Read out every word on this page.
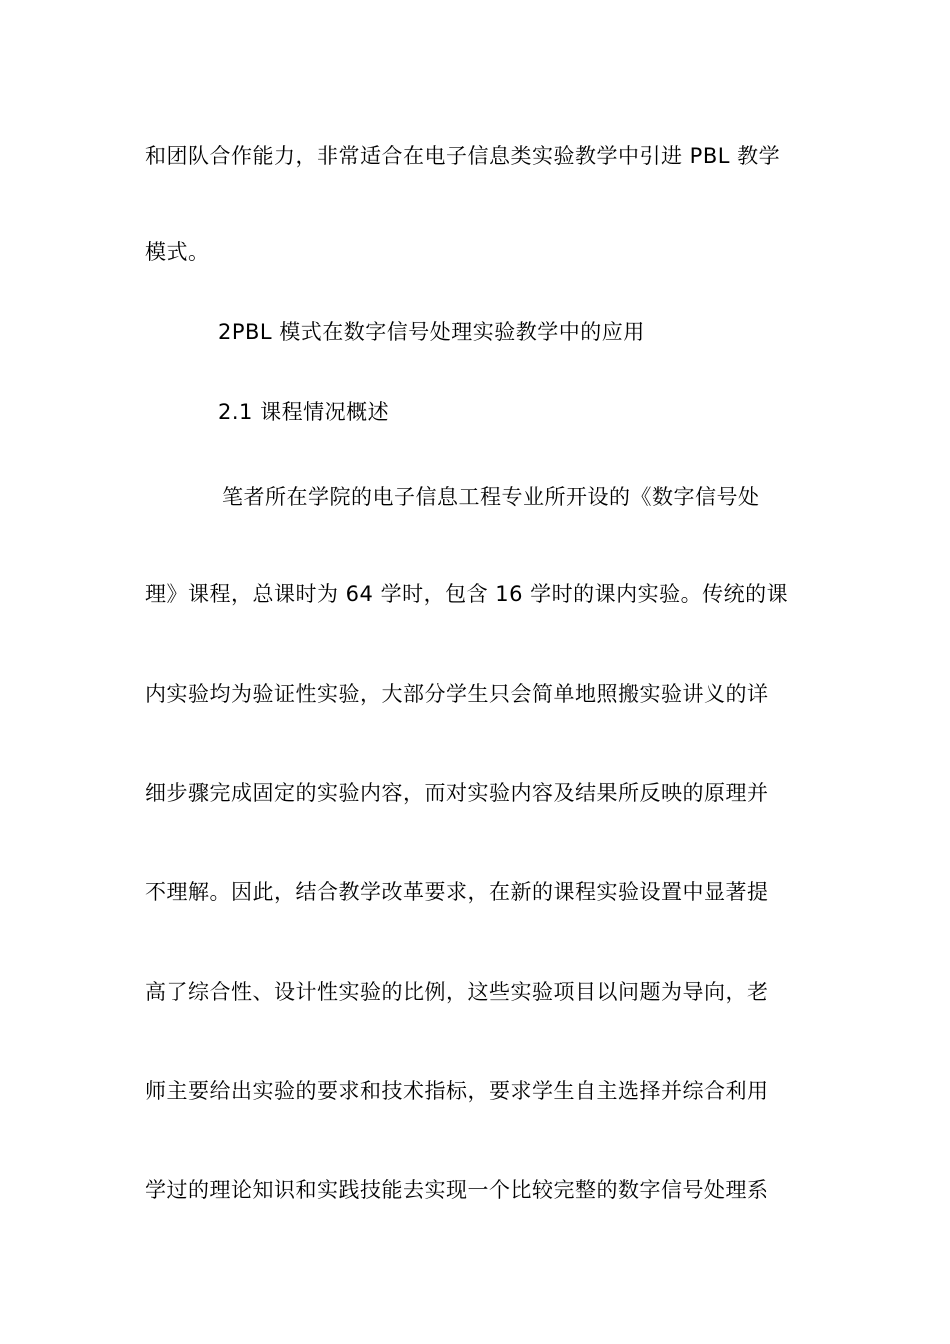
和团队合作能力，非常适合在电子信息类实验教学中引进 PBL 教学
模式。
2PBL 模式在数字信号处理实验教学中的应用
2.1 课程情况概述
笔者所在学院的电子信息工程专业所开设的《数字信号处
理》课程，总课时为 64 学时，包含 16 学时的课内实验。传统的课
内实验均为验证性实验，大部分学生只会简单地照搬实验讲义的详
细步骤完成固定的实验内容，而对实验内容及结果所反映的原理并
不理解。因此，结合教学改革要求，在新的课程实验设置中显著提
高了综合性、设计性实验的比例，这些实验项目以问题为导向，老
师主要给出实验的要求和技术指标，要求学生自主选择并综合利用
学过的理论知识和实践技能去实现一个比较完整的数字信号处理系
